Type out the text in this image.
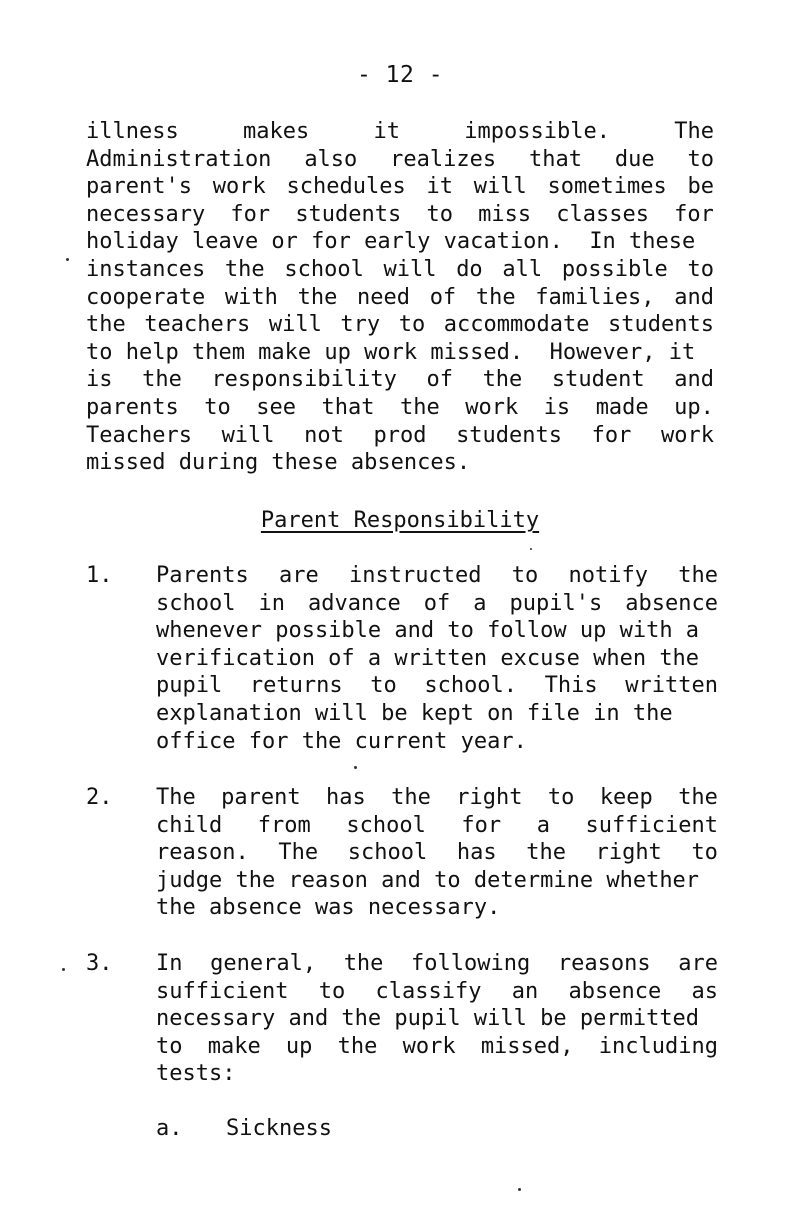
- 12 -
illness	makes	it	impossible.	The
Administration also realizes that due to
parent's work schedules it will sometimes be
necessary for students to miss classes for
holiday leave or for early vacation.  In these
instances the school will do all possible to
cooperate with the need of the families, and
the teachers will try to accommodate students
to help them make up work missed.  However, it
is the responsibility of the student and
parents to see that the work is made up.
Teachers will not prod students for work
missed during these absences.
Parent Responsibility
1. Parents are instructed to notify the
school in advance of a pupil's absence
whenever possible and to follow up with a
verification of a written excuse when the
pupil returns to school. This written
explanation will be kept on file in the
office for the current year.
2. The parent has the right to keep the
child from school for a sufficient
reason. The school has the right to
judge the reason and to determine whether
the absence was necessary.
3. In general, the following reasons are
sufficient to classify an absence as
necessary and the pupil will be permitted
to make up the work missed, including
tests:
a. Sickness
